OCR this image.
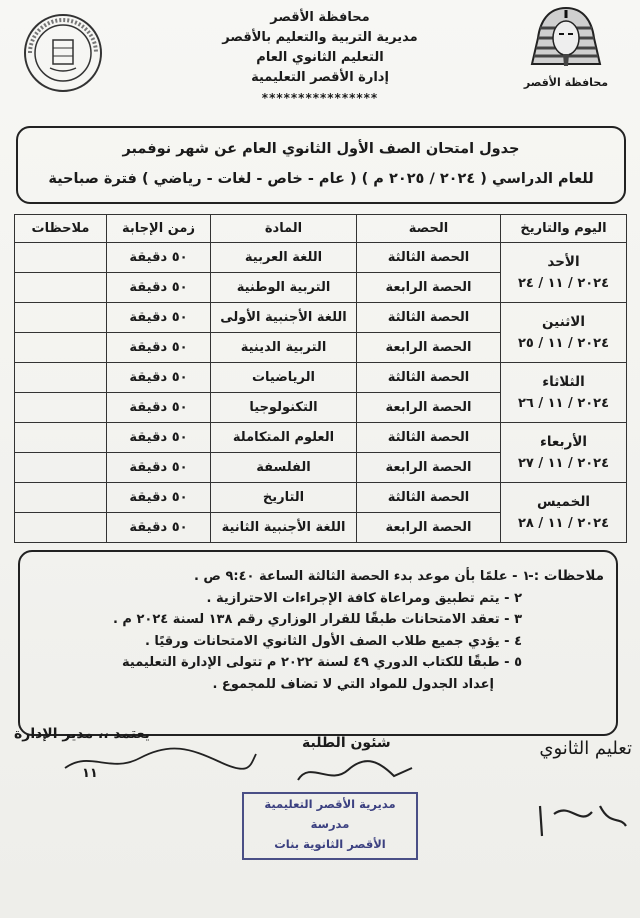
محافظة الأقصر
مديرية التربية والتعليم بالأقصر
التعليم الثانوي العام
إدارة الأقصر التعليمية
****************
محافظة الأقصر
جدول امتحان الصف الأول الثانوي العام عن شهر نوفمبر
للعام الدراسي ( ٢٠٢٤ / ٢٠٢٥ م ) ( عام - خاص - لغات - رياضي ) فترة صباحية
اليوم والتاريخ	الحصة	المادة	زمن الإجابة	ملاحظات

الأحد
٢٠٢٤ / ١١ / ٢٤	الحصة الثالثة	اللغة العربية	٥٠ دقيقة	
	الحصة الرابعة	التربية الوطنية	٥٠ دقيقة	

الاثنين
٢٠٢٤ / ١١ / ٢٥	الحصة الثالثة	اللغة الأجنبية الأولى	٥٠ دقيقة	
	الحصة الرابعة	التربية الدينية	٥٠ دقيقة	

الثلاثاء
٢٠٢٤ / ١١ / ٢٦	الحصة الثالثة	الرياضيات	٥٠ دقيقة	
	الحصة الرابعة	التكنولوجيا	٥٠ دقيقة	

الأربعاء
٢٠٢٤ / ١١ / ٢٧	الحصة الثالثة	العلوم المتكاملة	٥٠ دقيقة	
	الحصة الرابعة	الفلسفة	٥٠ دقيقة	

الخميس
٢٠٢٤ / ١١ / ٢٨	الحصة الثالثة	التاريخ	٥٠ دقيقة	
	الحصة الرابعة	اللغة الأجنبية الثانية	٥٠ دقيقة	
ملاحظات :-
١ - علمًا بأن موعد بدء الحصة الثالثة الساعة ٩:٤٠ ص .
٢ - يتم تطبيق ومراعاة كافة الإجراءات الاحترازية .
٣ - تعقد الامتحانات طبقًا للقرار الوزاري رقم ١٣٨ لسنة ٢٠٢٤ م .
٤ - يؤدي جميع طلاب الصف الأول الثانوي الامتحانات ورقيًا .
٥ - طبقًا للكتاب الدوري ٤٩ لسنة ٢٠٢٢ م تتولى الإدارة التعليمية
إعداد الجدول للمواد التي لا تضاف للمجموع .
شئون الطلبة
يعتمد ،، مدير الإدارة
تعليم الثانوي
١١
مديرية الأقصر التعليمية
مدرسة
الأقصر الثانوية بنات
